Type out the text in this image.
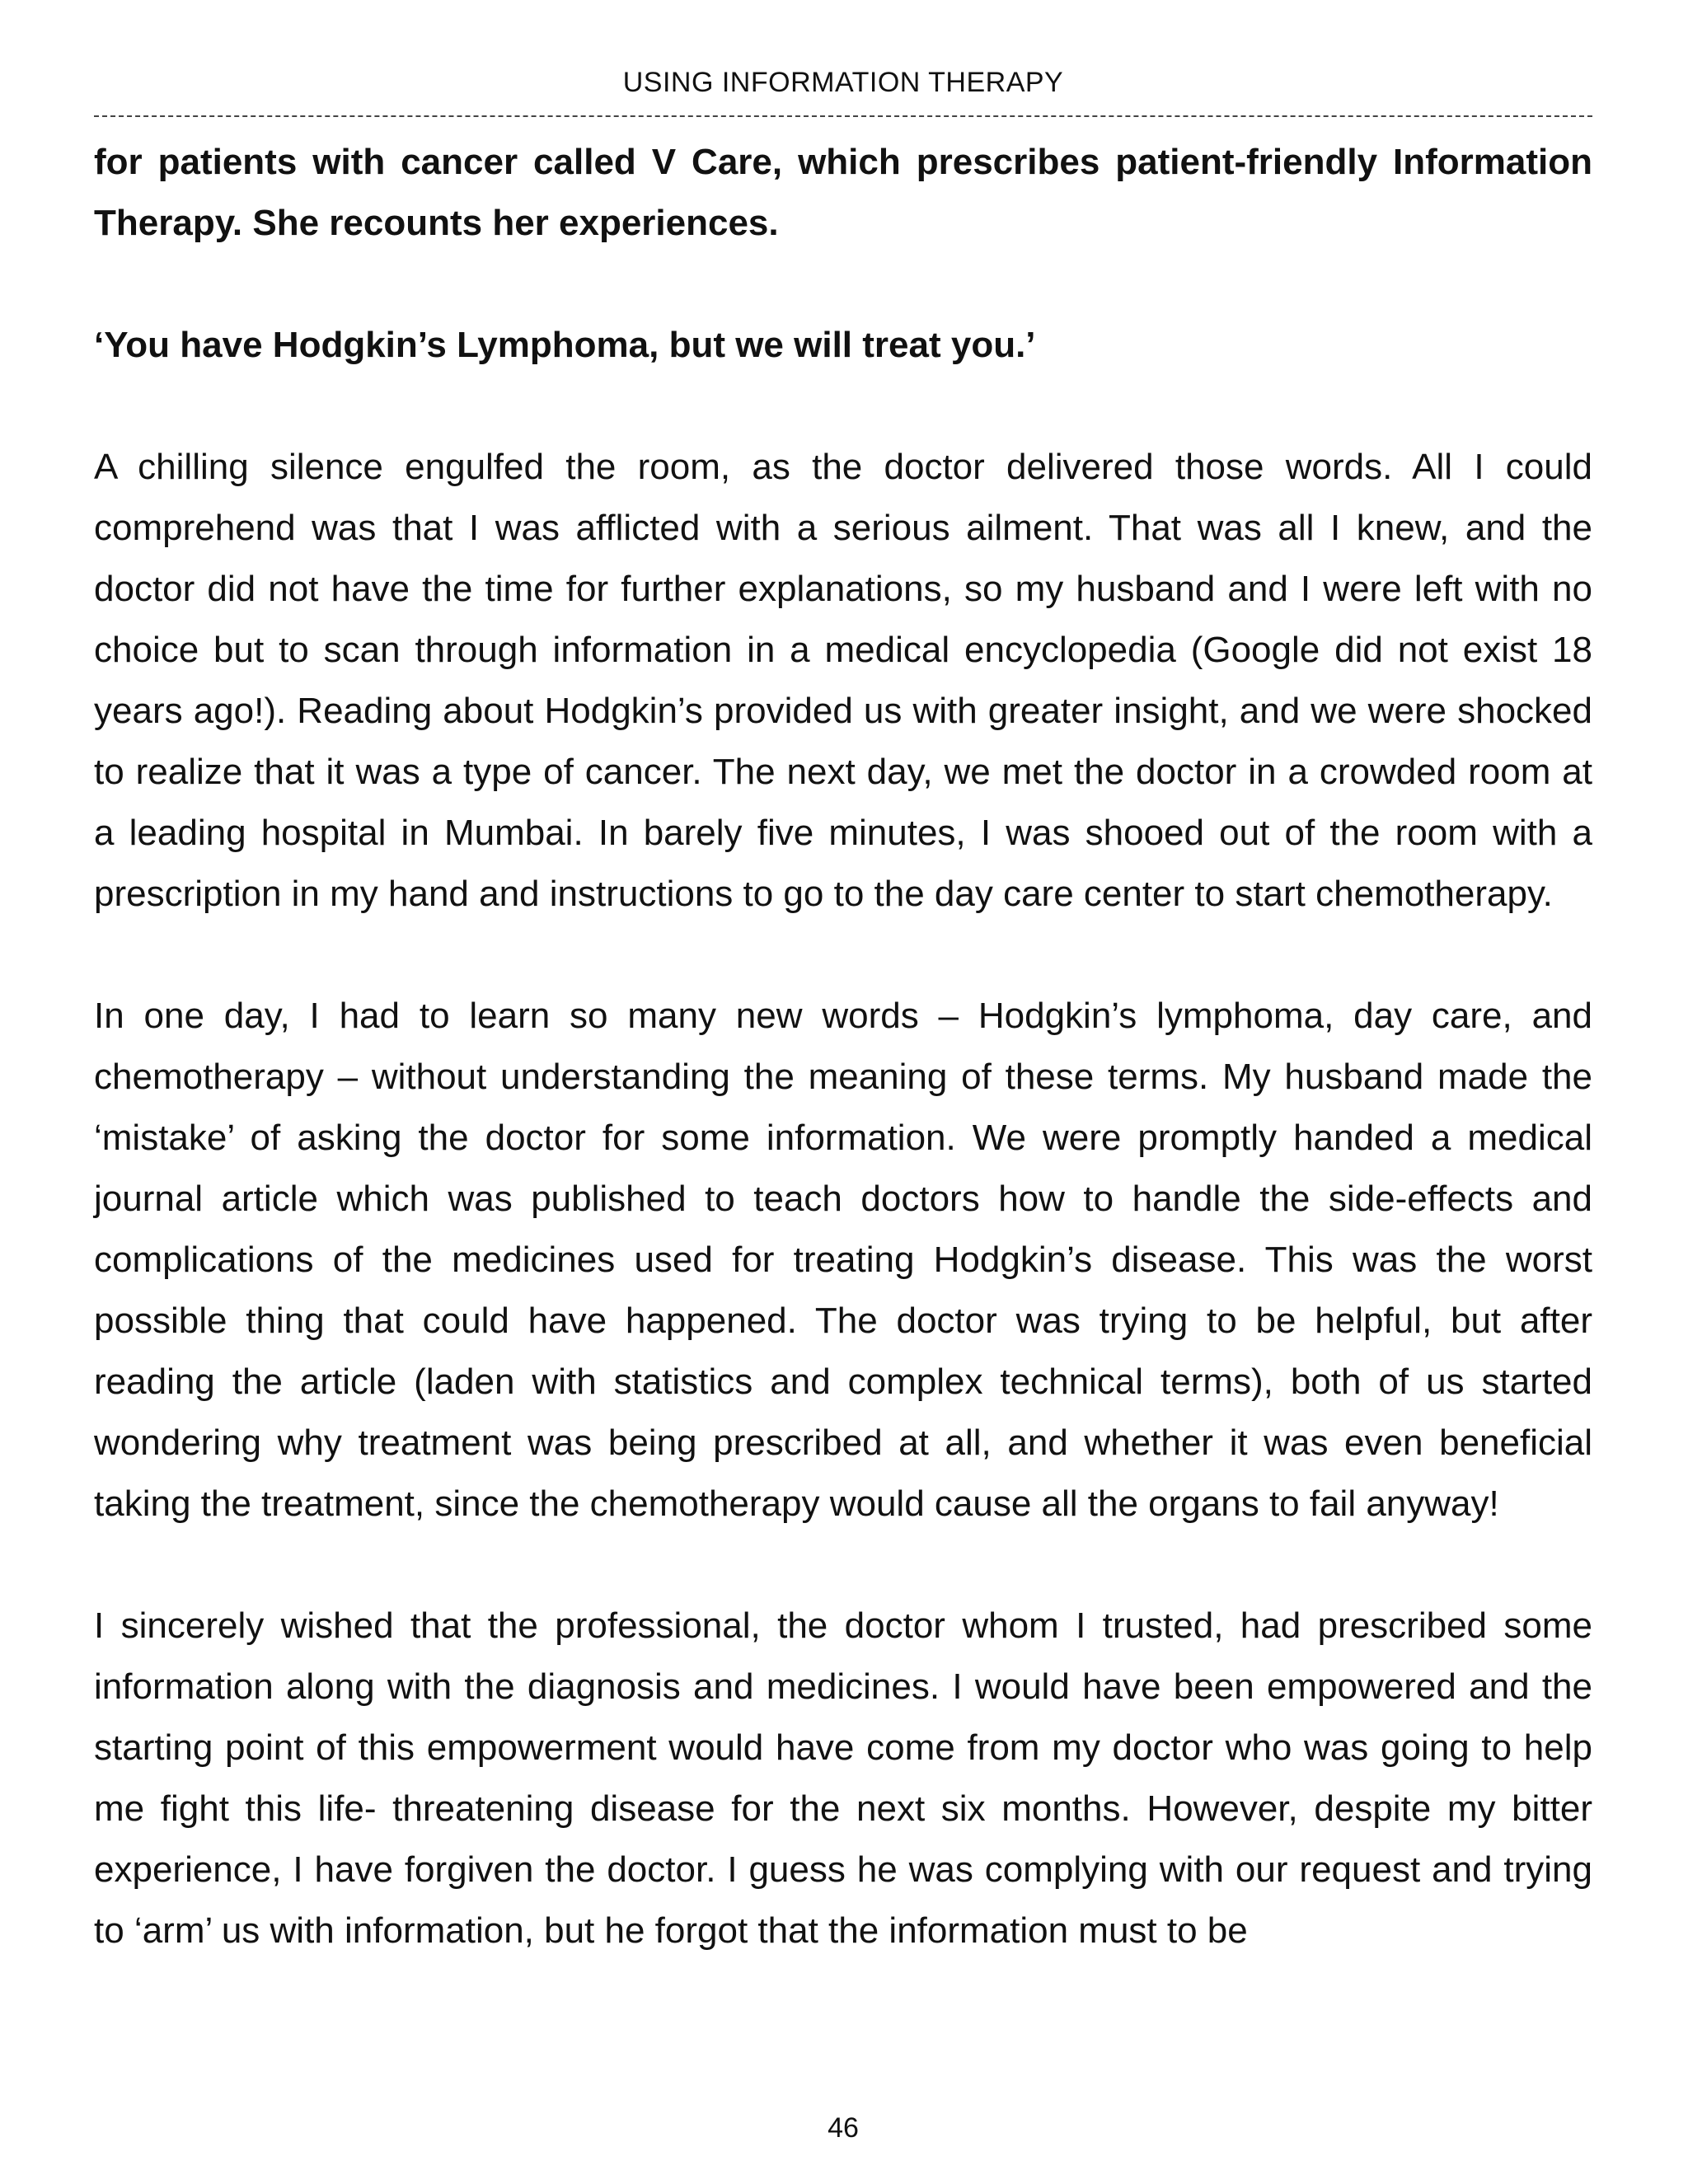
USING INFORMATION THERAPY

for patients with cancer called V Care, which prescribes patient-friendly Information Therapy. She recounts her experiences.

‘You have Hodgkin’s Lymphoma, but we will treat you.’

A chilling silence engulfed the room, as the doctor delivered those words. All I could comprehend was that I was afflicted with a serious ailment. That was all I knew, and the doctor did not have the time for further explanations, so my husband and I were left with no choice but to scan through information in a medical encyclopedia (Google did not exist 18 years ago!). Reading about Hodgkin’s provided us with greater insight, and we were shocked to realize that it was a type of cancer. The next day, we met the doctor in a crowded room at a leading hospital in Mumbai. In barely five minutes, I was shooed out of the room with a prescription in my hand and instructions to go to the day care center to start chemotherapy.

In one day, I had to learn so many new words – Hodgkin’s lymphoma, day care, and chemotherapy – without understanding the meaning of these terms. My husband made the ‘mistake’ of asking the doctor for some information. We were promptly handed a medical journal article which was published to teach doctors how to handle the side-effects and complications of the medicines used for treating Hodgkin’s disease. This was the worst possible thing that could have happened. The doctor was trying to be helpful, but after reading the article (laden with statistics and complex technical terms), both of us started wondering why treatment was being prescribed at all, and whether it was even beneficial taking the treatment, since the chemotherapy would cause all the organs to fail anyway!

I sincerely wished that the professional, the doctor whom I trusted, had prescribed some information along with the diagnosis and medicines. I would have been empowered and the starting point of this empowerment would have come from my doctor who was going to help me fight this life- threatening disease for the next six months. However, despite my bitter experience, I have forgiven the doctor. I guess he was complying with our request and trying to ‘arm’ us with information, but he forgot that the information must to be

46
